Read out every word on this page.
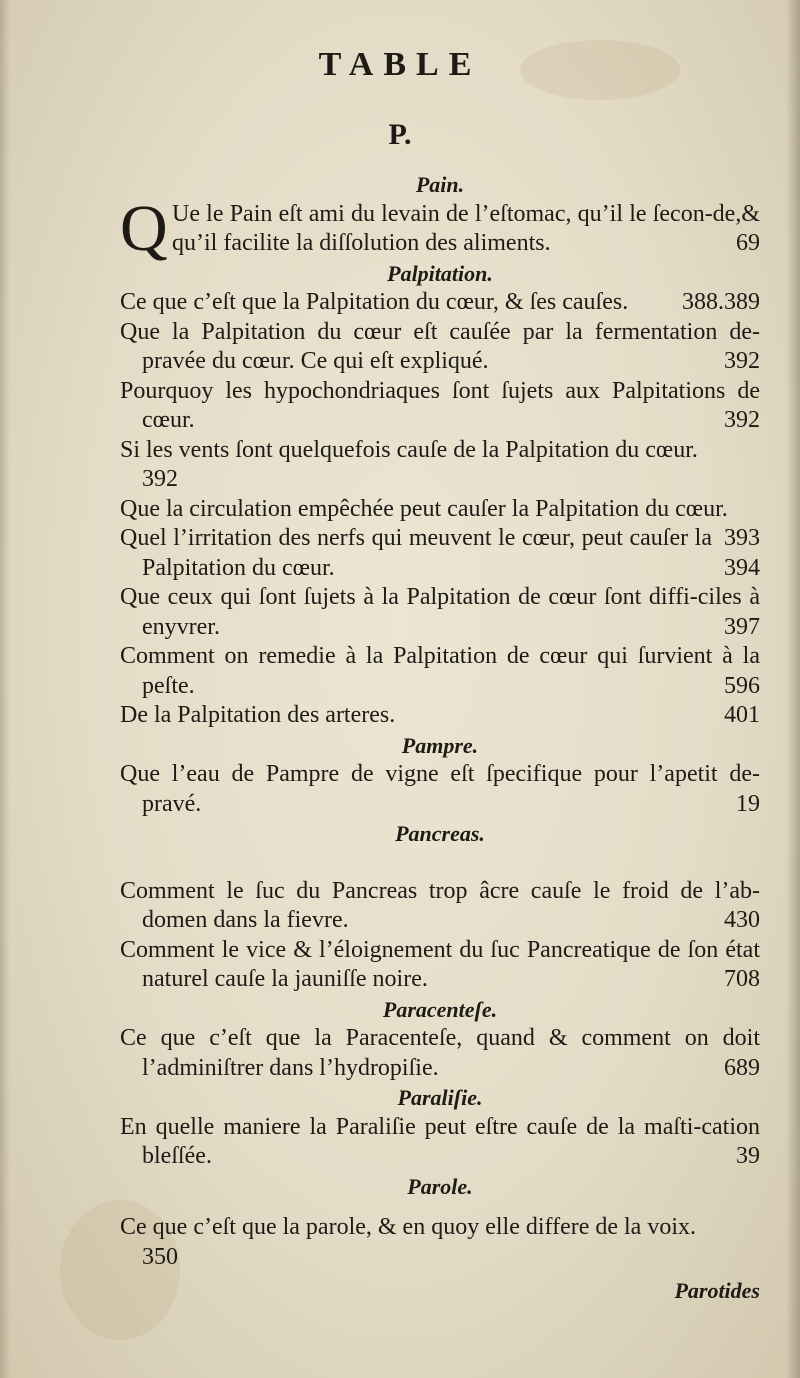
TABLE
P.
Pain.
Q Ue le Pain eſt ami du levain de l’eſtomac, qu’il le ſecon-de,& qu’il facilite la diſſolution des aliments.	69
Palpitation.
Ce que c’eſt que la Palpitation du cœur, & ſes cauſes.	388.389
Que la Palpitation du cœur eſt cauſée par la fermentation de-pravée du cœur. Ce qui eſt expliqué.	392
Pourquoy les hypochondriaques ſont ſujets aux Palpitations de cœur.	392
Si les vents ſont quelquefois cauſe de la Palpitation du cœur.
392
Que la circulation empêchée peut cauſer la Palpitation du cœur.
393
Quel l’irritation des nerfs qui meuvent le cœur, peut cauſer la Palpitation du cœur.	394
Que ceux qui ſont ſujets à la Palpitation de cœur ſont diffi-ciles à enyvrer.	397
Comment on remedie à la Palpitation de cœur qui ſurvient à la peſte.	596
De la Palpitation des arteres.	401
Pampre.
Que l’eau de Pampre de vigne eſt ſpecifique pour l’apetit de-pravé.	19
Pancreas.
Comment le ſuc du Pancreas trop âcre cauſe le froid de l’ab-domen dans la fievre.	430
Comment le vice & l’éloignement du ſuc Pancreatique de ſon état naturel cauſe la jauniſſe noire.	708
Paracenteſe.
Ce que c’eſt que la Paracenteſe, quand & comment on doit l’adminiſtrer dans l’hydropiſie.	689
Paraliſie.
En quelle maniere la Paraliſie peut eſtre cauſe de la maſti-cation bleſſée.	39
Parole.
Ce que c’eſt que la parole, & en quoy elle differe de la voix.
350
Parotides
